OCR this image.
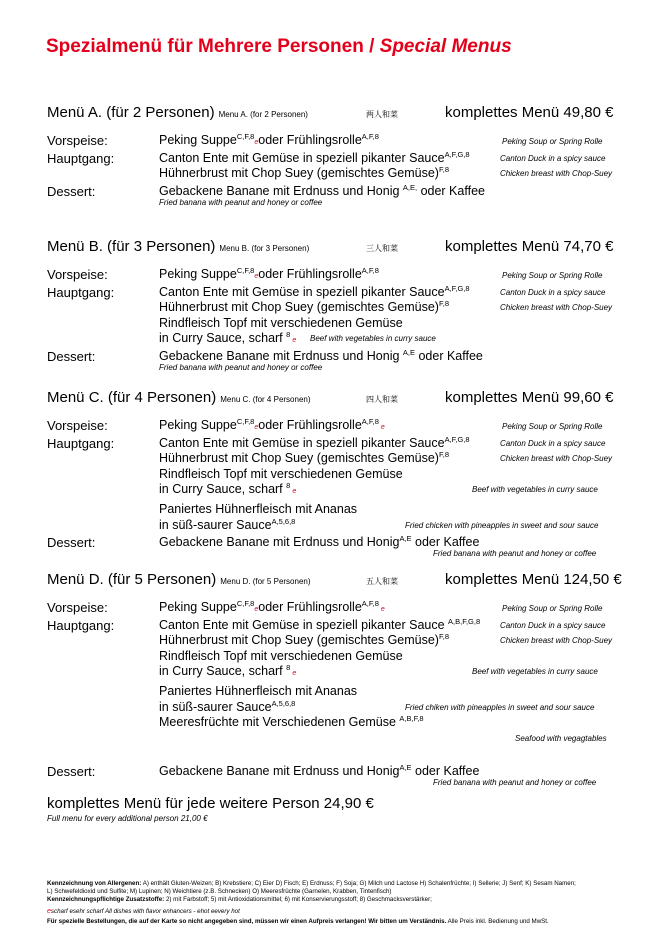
Spezialmenü für Mehrere Personen / Special Menus
Menü A. (für 2 Personen) Menu A. (for 2 Personen)	两人和菜	komplettes Menü 49,80 €
Vorspeise:	Peking Suppe$^{C,F,8}$eoder Frühlingsrolle$^{A,F,8}$
Peking Soup or Spring Rolle
Hauptgang:	Canton Ente mit Gemüse in speziell pikanter Sauce$^{A,F,G,8}$	Canton Duck in a spicy sauce
Hühnerbrust mit Chop Suey (gemischtes Gemüse)$^{F,8}$	Chicken breast with Chop-Suey
Dessert:	Gebackene Banane mit Erdnuss und Honig $^{A,E,}$ oder Kaffee
Fried banana with peanut and honey or coffee
Menü B. (für 3 Personen) Menu B. (for 3 Personen)	三人和菜	komplettes Menü 74,70 €
Vorspeise:	Peking Suppe$^{C,F,8}$eoder Frühlingsrolle$^{A,F,8}$
Peking Soup or Spring Rolle
Hauptgang:	Canton Ente mit Gemüse in speziell pikanter Sauce$^{A,F,G,8}$	Canton Duck in a spicy sauce
Hühnerbrust mit Chop Suey (gemischtes Gemüse)$^{F,8}$	Chicken breast with Chop-Suey
Rindfleisch Topf mit verschiedenen Gemüse
in Curry Sauce, scharf $^8$e Beef with vegetables in curry sauce
Dessert:	Gebackene Banane mit Erdnuss und Honig $^{A,E}$ oder Kaffee
Fried banana with peanut and honey or coffee
Menü C. (für 4 Personen) Menu C. (for 4 Personen)	四人和菜	komplettes Menü 99,60 €
Vorspeise:	Peking Suppe$^{C,F,8}$eoder Frühlingsrolle$^{A,F,8}$e	Peking Soup or Spring Rolle
Hauptgang:	Canton Ente mit Gemüse in speziell pikanter Sauce$^{A,F,G,8}$	Canton Duck in a spicy sauce
Hühnerbrust mit Chop Suey (gemischtes Gemüse)$^{F,8}$	Chicken breast with Chop-Suey
Rindfleisch Topf mit verschiedenen Gemüse
in Curry Sauce, scharf $^8$e	Beef with vegetables in curry sauce
Paniertes Hühnerfleisch mit Ananas
in süß-saurer Sauce$^{A,5,6,8}$	Fried chicken with pineapples in sweet and sour sauce
Dessert:	Gebackene Banane mit Erdnuss und Honig$^{A,E}$ oder Kaffee
Fried banana with peanut and honey or coffee
Menü D. (für 5 Personen) Menu D. (for 5 Personen)	五人和菜	komplettes Menü 124,50 €
Vorspeise:	Peking Suppe$^{C,F,8}$eoder Frühlingsrolle$^{A,F,8}$e	Peking Soup or Spring Rolle
Hauptgang:	Canton Ente mit Gemüse in speziell pikanter Sauce $^{A,B,F,G,8}$ Canton Duck in a spicy sauce
Hühnerbrust mit Chop Suey (gemischtes Gemüse)$^{F,8}$	Chicken breast with Chop-Suey
Rindfleisch Topf mit verschiedenen Gemüse
in Curry Sauce, scharf $^8$e	Beef with vegetables in curry sauce
Paniertes Hühnerfleisch mit Ananas
in süß-saurer Sauce$^{A,5,6,8}$	Fried chiken with pineapples in sweet and sour sauce
Meeresfrüchte mit Verschiedenen Gemüse $^{A,B,F,8}$
Seafood with vegagtables
Dessert:	Gebackene Banane mit Erdnuss und Honig$^{A,E}$ oder Kaffee
Fried banana with peanut and honey or coffee
komplettes Menü für jede weitere Person 24,90 €
Full menu for every additional person 21,00 €
Kennzeichnung von Allergenen: A) enthält Gluten-Weizen; B) Krebstiere; C) Eier D) Fisch; E) Erdnuss; F) Soja; G) Milch und Lactose H) Schalenfrüchte; I) Sellerie; J) Senf; K) Sesam Namen;
L) Schwefeldioxid und Sulfite; M) Lupinen; N) Weichtiere (z.B. Schnecken) O) Meeresfrüchte (Garnelen, Krabben, Tintenfisch)
Kennzeichnungspflichtige Zusatzstoffe: 2) mit Farbstoff; 5) mit Antioxidationsmittel; 6) mit Konservierungsstoff; 8) Geschmacksverstärker;
escharf esehr scharf All dishes with flavor enhancers - ehot eevery hot
Für spezielle Bestellungen, die auf der Karte so nicht angegeben sind, müssen wir einen Aufpreis verlangen! Wir bitten um Verständnis. Alle Preis inkl. Bedienung und MwSt.
